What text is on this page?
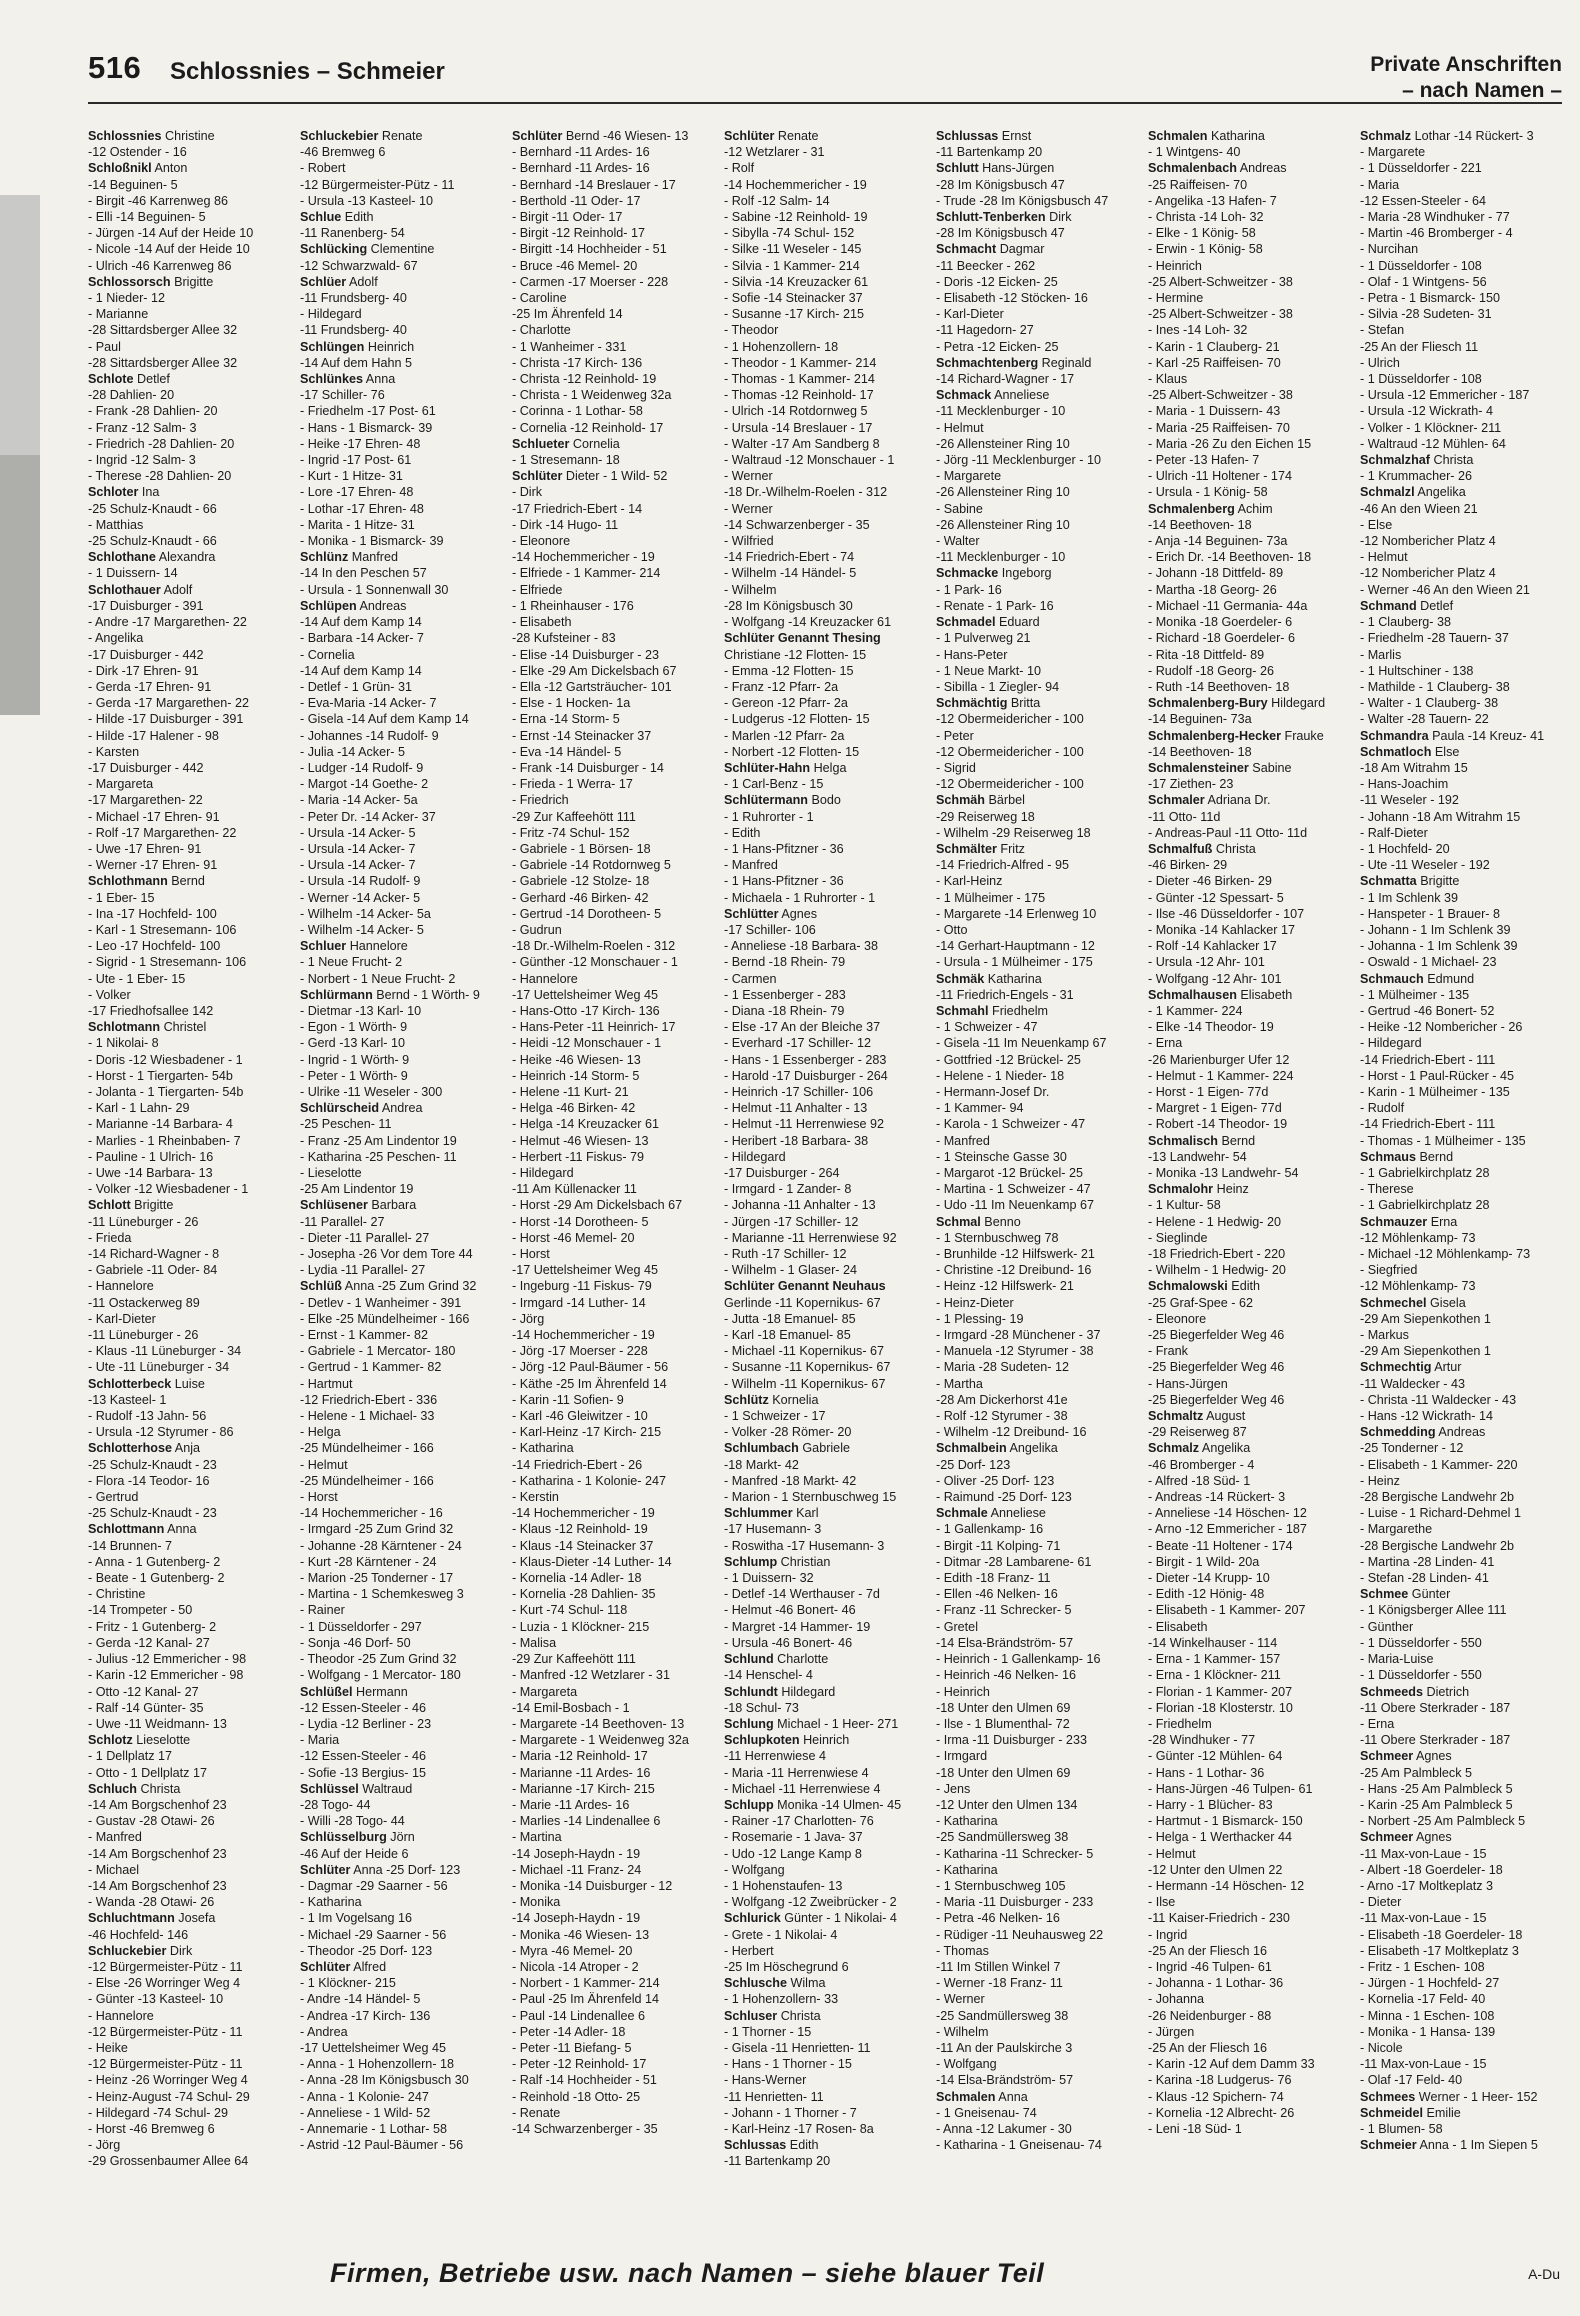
516 Schlossnies – Schmeier	Private Anschriften
– nach Namen –
Schlossnies Christine
-12 Ostender - 16
Schloßnikl Anton
-14 Beguinen- 5
- Birgit -46 Karrenweg 86
- Elli -14 Beguinen- 5
- Jürgen -14 Auf der Heide 10
- Nicole -14 Auf der Heide 10
- Ulrich -46 Karrenweg 86
Schlossorsch Brigitte
- 1 Nieder- 12
- Marianne
-28 Sittardsberger Allee 32
- Paul
-28 Sittardsberger Allee 32
Schlote Detlef
-28 Dahlien- 20
- Frank -28 Dahlien- 20
- Franz -12 Salm- 3
- Friedrich -28 Dahlien- 20
- Ingrid -12 Salm- 3
- Therese -28 Dahlien- 20
Schloter Ina
-25 Schulz-Knaudt - 66
- Matthias
-25 Schulz-Knaudt - 66
Schlothane Alexandra
- 1 Duissern- 14
Schlothauer Adolf
-17 Duisburger - 391
- Andre -17 Margarethen- 22
- Angelika
-17 Duisburger - 442
- Dirk -17 Ehren- 91
- Gerda -17 Ehren- 91
- Gerda -17 Margarethen- 22
- Hilde -17 Duisburger - 391
- Hilde -17 Halener - 98
- Karsten
-17 Duisburger - 442
- Margareta
-17 Margarethen- 22
- Michael -17 Ehren- 91
- Rolf -17 Margarethen- 22
- Uwe -17 Ehren- 91
- Werner -17 Ehren- 91
Schlothmann Bernd
- 1 Eber- 15
- Ina -17 Hochfeld- 100
- Karl - 1 Stresemann- 106
- Leo -17 Hochfeld- 100
- Sigrid - 1 Stresemann- 106
- Ute - 1 Eber- 15
- Volker
-17 Friedhofsallee 142
Schlotmann Christel
- 1 Nikolai- 8
- Doris -12 Wiesbadener - 1
- Horst - 1 Tiergarten- 54b
- Jolanta - 1 Tiergarten- 54b
- Karl - 1 Lahn- 29
- Marianne -14 Barbara- 4
- Marlies - 1 Rheinbaben- 7
- Pauline - 1 Ulrich- 16
- Uwe -14 Barbara- 13
- Volker -12 Wiesbadener - 1
Schlott Brigitte
-11 Lüneburger - 26
- Frieda
-14 Richard-Wagner - 8
- Gabriele -11 Oder- 84
- Hannelore
-11 Ostackerweg 89
- Karl-Dieter
-11 Lüneburger - 26
- Klaus -11 Lüneburger - 34
- Ute -11 Lüneburger - 34
Schlotterbeck Luise
-13 Kasteel- 1
- Rudolf -13 Jahn- 56
- Ursula -12 Styrumer - 86
Schlotterhose Anja
-25 Schulz-Knaudt - 23
- Flora -14 Teodor- 16
- Gertrud
-25 Schulz-Knaudt - 23
Schlottmann Anna
-14 Brunnen- 7
- Anna - 1 Gutenberg- 2
- Beate - 1 Gutenberg- 2
- Christine
-14 Trompeter - 50
- Fritz - 1 Gutenberg- 2
- Gerda -12 Kanal- 27
- Julius -12 Emmericher - 98
- Karin -12 Emmericher - 98
- Otto -12 Kanal- 27
- Ralf -14 Günter- 35
- Uwe -11 Weidmann- 13
Schlotz Lieselotte
- 1 Dellplatz 17
- Otto - 1 Dellplatz 17
Schluch Christa
-14 Am Borgschenhof 23
- Gustav -28 Otawi- 26
- Manfred
-14 Am Borgschenhof 23
- Michael
-14 Am Borgschenhof 23
- Wanda -28 Otawi- 26
Schluchtmann Josefa
-46 Hochfeld- 146
Schluckebier Dirk
-12 Bürgermeister-Pütz - 11
- Else -26 Worringer Weg 4
- Günter -13 Kasteel- 10
- Hannelore
-12 Bürgermeister-Pütz - 11
- Heike
-12 Bürgermeister-Pütz - 11
- Heinz -26 Worringer Weg 4
- Heinz-August -74 Schul- 29
- Hildegard -74 Schul- 29
- Horst -46 Bremweg 6
- Jörg
-29 Grossenbaumer Allee 64
Schluckebier Renate
-46 Bremweg 6
- Robert
-12 Bürgermeister-Pütz - 11
- Ursula -13 Kasteel- 10
Schlue Edith
-11 Ranenberg- 54
Schlücking Clementine
-12 Schwarzwald- 67
Schlüer Adolf
-11 Frundsberg- 40
- Hildegard
-11 Frundsberg- 40
Schlüngen Heinrich
-14 Auf dem Hahn 5
Schlünkes Anna
-17 Schiller- 76
- Friedhelm -17 Post- 61
- Hans - 1 Bismarck- 39
- Heike -17 Ehren- 48
- Ingrid -17 Post- 61
- Kurt - 1 Hitze- 31
- Lore -17 Ehren- 48
- Lothar -17 Ehren- 48
- Marita - 1 Hitze- 31
- Monika - 1 Bismarck- 39
Schlünz Manfred
-14 In den Peschen 57
- Ursula - 1 Sonnenwall 30
Schlüpen Andreas
-14 Auf dem Kamp 14
- Barbara -14 Acker- 7
- Cornelia
-14 Auf dem Kamp 14
- Detlef - 1 Grün- 31
- Eva-Maria -14 Acker- 7
- Gisela -14 Auf dem Kamp 14
- Johannes -14 Rudolf- 9
- Julia -14 Acker- 5
- Ludger -14 Rudolf- 9
- Margot -14 Goethe- 2
- Maria -14 Acker- 5a
- Peter Dr. -14 Acker- 37
- Ursula -14 Acker- 5
- Ursula -14 Acker- 7
- Ursula -14 Acker- 7
- Ursula -14 Rudolf- 9
- Werner -14 Acker- 5
- Wilhelm -14 Acker- 5a
- Wilhelm -14 Acker- 5
Schluer Hannelore
- 1 Neue Frucht- 2
- Norbert - 1 Neue Frucht- 2
Schlürmann Bernd - 1 Wörth- 9
- Dietmar -13 Karl- 10
- Egon - 1 Wörth- 9
- Gerd -13 Karl- 10
- Ingrid - 1 Wörth- 9
- Peter - 1 Wörth- 9
- Ulrike -11 Weseler - 300
Schlürscheid Andrea
-25 Peschen- 11
- Franz -25 Am Lindentor 19
- Katharina -25 Peschen- 11
- Lieselotte
-25 Am Lindentor 19
Schlüsener Barbara
-11 Parallel- 27
- Dieter -11 Parallel- 27
- Josepha -26 Vor dem Tore 44
- Lydia -11 Parallel- 27
Schlüß Anna -25 Zum Grind 32
- Detlev - 1 Wanheimer - 391
- Elke -25 Mündelheimer - 166
- Ernst - 1 Kammer- 82
- Gabriele - 1 Mercator- 180
- Gertrud - 1 Kammer- 82
- Hartmut
-12 Friedrich-Ebert - 336
- Helene - 1 Michael- 33
- Helga
-25 Mündelheimer - 166
- Helmut
-25 Mündelheimer - 166
- Horst
-14 Hochemmericher - 16
- Irmgard -25 Zum Grind 32
- Johanne -28 Kärntener - 24
- Kurt -28 Kärntener - 24
- Marion -25 Tonderner - 17
- Martina - 1 Schemkesweg 3
- Rainer
- 1 Düsseldorfer - 297
- Sonja -46 Dorf- 50
- Theodor -25 Zum Grind 32
- Wolfgang - 1 Mercator- 180
Schlüßel Hermann
-12 Essen-Steeler - 46
- Lydia -12 Berliner - 23
- Maria
-12 Essen-Steeler - 46
- Sofie -13 Bergius- 15
Schlüssel Waltraud
-28 Togo- 44
- Willi -28 Togo- 44
Schlüsselburg Jörn
-46 Auf der Heide 6
Schlüter Anna -25 Dorf- 123
- Dagmar -29 Saarner - 56
- Katharina
- 1 Im Vogelsang 16
- Michael -29 Saarner - 56
- Theodor -25 Dorf- 123
Schlüter Alfred
- 1 Klöckner- 215
- Andre -14 Händel- 5
- Andrea -17 Kirch- 136
- Andrea
-17 Uettelsheimer Weg 45
- Anna - 1 Hohenzollern- 18
- Anna -28 Im Königsbusch 30
- Anna - 1 Kolonie- 247
- Anneliese - 1 Wild- 52
- Annemarie - 1 Lothar- 58
- Astrid -12 Paul-Bäumer - 56
Schlüter Bernd -46 Wiesen- 13
- Bernhard -11 Ardes- 16
- Bernhard -11 Ardes- 16
- Bernhard -14 Breslauer - 17
- Berthold -11 Oder- 17
- Birgit -11 Oder- 17
- Birgit -12 Reinhold- 17
- Birgitt -14 Hochheider - 51
- Bruce -46 Memel- 20
- Carmen -17 Moerser - 228
- Caroline
-25 Im Ährenfeld 14
- Charlotte
- 1 Wanheimer - 331
- Christa -17 Kirch- 136
- Christa -12 Reinhold- 19
- Christa - 1 Weidenweg 32a
- Corinna - 1 Lothar- 58
- Cornelia -12 Reinhold- 17
Schlueter Cornelia
- 1 Stresemann- 18
Schlüter Dieter - 1 Wild- 52
- Dirk
-17 Friedrich-Ebert - 14
- Dirk -14 Hugo- 11
- Eleonore
-14 Hochemmericher - 19
- Elfriede - 1 Kammer- 214
- Elfriede
- 1 Rheinhauser - 176
- Elisabeth
-28 Kufsteiner - 83
- Elise -14 Duisburger - 23
- Elke -29 Am Dickelsbach 67
- Ella -12 Gartsträucher- 101
- Else - 1 Hocken- 1a
- Erna -14 Storm- 5
- Ernst -14 Steinacker 37
- Eva -14 Händel- 5
- Frank -14 Duisburger - 14
- Frieda - 1 Werra- 17
- Friedrich
-29 Zur Kaffeehött 111
- Fritz -74 Schul- 152
- Gabriele - 1 Börsen- 18
- Gabriele -14 Rotdornweg 5
- Gabriele -12 Stolze- 18
- Gerhard -46 Birken- 42
- Gertrud -14 Dorotheen- 5
- Gudrun
-18 Dr.-Wilhelm-Roelen - 312
- Günther -12 Monschauer - 1
- Hannelore
-17 Uettelsheimer Weg 45
- Hans-Otto -17 Kirch- 136
- Hans-Peter -11 Heinrich- 17
- Heidi -12 Monschauer - 1
- Heike -46 Wiesen- 13
- Heinrich -14 Storm- 5
- Helene -11 Kurt- 21
- Helga -46 Birken- 42
- Helga -14 Kreuzacker 61
- Helmut -46 Wiesen- 13
- Herbert -11 Fiskus- 79
- Hildegard
-11 Am Küllenacker 11
- Horst -29 Am Dickelsbach 67
- Horst -14 Dorotheen- 5
- Horst -46 Memel- 20
- Horst
-17 Uettelsheimer Weg 45
- Ingeburg -11 Fiskus- 79
- Irmgard -14 Luther- 14
- Jörg
-14 Hochemmericher - 19
- Jörg -17 Moerser - 228
- Jörg -12 Paul-Bäumer - 56
- Käthe -25 Im Ährenfeld 14
- Karin -11 Sofien- 9
- Karl -46 Gleiwitzer - 10
- Karl-Heinz -17 Kirch- 215
- Katharina
-14 Friedrich-Ebert - 26
- Katharina - 1 Kolonie- 247
- Kerstin
-14 Hochemmericher - 19
- Klaus -12 Reinhold- 19
- Klaus -14 Steinacker 37
- Klaus-Dieter -14 Luther- 14
- Kornelia -14 Adler- 18
- Kornelia -28 Dahlien- 35
- Kurt -74 Schul- 118
- Luzia - 1 Klöckner- 215
- Malisa
-29 Zur Kaffeehött 111
- Manfred -12 Wetzlarer - 31
- Margareta
-14 Emil-Bosbach - 1
- Margarete -14 Beethoven- 13
- Margarete - 1 Weidenweg 32a
- Maria -12 Reinhold- 17
- Marianne -11 Ardes- 16
- Marianne -17 Kirch- 215
- Marie -11 Ardes- 16
- Marlies -14 Lindenallee 6
- Martina
-14 Joseph-Haydn - 19
- Michael -11 Franz- 24
- Monika -14 Duisburger - 12
- Monika
-14 Joseph-Haydn - 19
- Monika -46 Wiesen- 13
- Myra -46 Memel- 20
- Nicola -14 Atroper - 2
- Norbert - 1 Kammer- 214
- Paul -25 Im Ährenfeld 14
- Paul -14 Lindenallee 6
- Peter -14 Adler- 18
- Peter -11 Biefang- 5
- Peter -12 Reinhold- 17
- Ralf -14 Hochheider - 51
- Reinhold -18 Otto- 25
- Renate
-14 Schwarzenberger - 35
Schlüter Renate
-12 Wetzlarer - 31
- Rolf
-14 Hochemmericher - 19
- Rolf -12 Salm- 14
- Sabine -12 Reinhold- 19
- Sibylla -74 Schul- 152
- Silke -11 Weseler - 145
- Silvia - 1 Kammer- 214
- Silvia -14 Kreuzacker 61
- Sofie -14 Steinacker 37
- Susanne -17 Kirch- 215
- Theodor
- 1 Hohenzollern- 18
- Theodor - 1 Kammer- 214
- Thomas - 1 Kammer- 214
- Thomas -12 Reinhold- 17
- Ulrich -14 Rotdornweg 5
- Ursula -14 Breslauer - 17
- Walter -17 Am Sandberg 8
- Waltraud -12 Monschauer - 1
- Werner
-18 Dr.-Wilhelm-Roelen - 312
- Werner
-14 Schwarzenberger - 35
- Wilfried
-14 Friedrich-Ebert - 74
- Wilhelm -14 Händel- 5
- Wilhelm
-28 Im Königsbusch 30
- Wolfgang -14 Kreuzacker 61
Schlüter Genannt Thesing
Christiane -12 Flotten- 15
- Emma -12 Flotten- 15
- Franz -12 Pfarr- 2a
- Gereon -12 Pfarr- 2a
- Ludgerus -12 Flotten- 15
- Marlen -12 Pfarr- 2a
- Norbert -12 Flotten- 15
Schlüter-Hahn Helga
- 1 Carl-Benz - 15
Schlütermann Bodo
- 1 Ruhrorter - 1
- Edith
- 1 Hans-Pfitzner - 36
- Manfred
- 1 Hans-Pfitzner - 36
- Michaela - 1 Ruhrorter - 1
Schlütter Agnes
-17 Schiller- 106
- Anneliese -18 Barbara- 38
- Bernd -18 Rhein- 79
- Carmen
- 1 Essenberger - 283
- Diana -18 Rhein- 79
- Else -17 An der Bleiche 37
- Everhard -17 Schiller- 12
- Hans - 1 Essenberger - 283
- Harold -17 Duisburger - 264
- Heinrich -17 Schiller- 106
- Helmut -11 Anhalter - 13
- Helmut -11 Herrenwiese 92
- Heribert -18 Barbara- 38
- Hildegard
-17 Duisburger - 264
- Irmgard - 1 Zander- 8
- Johanna -11 Anhalter - 13
- Jürgen -17 Schiller- 12
- Marianne -11 Herrenwiese 92
- Ruth -17 Schiller- 12
- Wilhelm - 1 Glaser- 24
Schlüter Genannt Neuhaus
Gerlinde -11 Kopernikus- 67
- Jutta -18 Emanuel- 85
- Karl -18 Emanuel- 85
- Michael -11 Kopernikus- 67
- Susanne -11 Kopernikus- 67
- Wilhelm -11 Kopernikus- 67
Schlütz Kornelia
- 1 Schweizer - 17
- Volker -28 Römer- 20
Schlumbach Gabriele
-18 Markt- 42
- Manfred -18 Markt- 42
- Marion - 1 Sternbuschweg 15
Schlummer Karl
-17 Husemann- 3
- Roswitha -17 Husemann- 3
Schlump Christian
- 1 Duissern- 32
- Detlef -14 Werthauser - 7d
- Helmut -46 Bonert- 46
- Margret -14 Hammer- 19
- Ursula -46 Bonert- 46
Schlund Charlotte
-14 Henschel- 4
Schlundt Hildegard
-18 Schul- 73
Schlung Michael - 1 Heer- 271
Schlupkoten Heinrich
-11 Herrenwiese 4
- Maria -11 Herrenwiese 4
- Michael -11 Herrenwiese 4
Schlupp Monika -14 Ulmen- 45
- Rainer -17 Charlotten- 76
- Rosemarie - 1 Java- 37
- Udo -12 Lange Kamp 8
- Wolfgang
- 1 Hohenstaufen- 13
- Wolfgang -12 Zweibrücker - 2
Schlurick Günter - 1 Nikolai- 4
- Grete - 1 Nikolai- 4
- Herbert
-25 Im Höschegrund 6
Schlusche Wilma
- 1 Hohenzollern- 33
Schluser Christa
- 1 Thorner - 15
- Gisela -11 Henrietten- 11
- Hans - 1 Thorner - 15
- Hans-Werner
-11 Henrietten- 11
- Johann - 1 Thorner - 7
- Karl-Heinz -17 Rosen- 8a
Schlussas Edith
-11 Bartenkamp 20
Schlussas Ernst
-11 Bartenkamp 20
Schlutt Hans-Jürgen
-28 Im Königsbusch 47
- Trude -28 Im Königsbusch 47
Schlutt-Tenberken Dirk
-28 Im Königsbusch 47
Schmacht Dagmar
-11 Beecker - 262
- Doris -12 Eicken- 25
- Elisabeth -12 Stöcken- 16
- Karl-Dieter
-11 Hagedorn- 27
- Petra -12 Eicken- 25
Schmachtenberg Reginald
-14 Richard-Wagner - 17
Schmack Anneliese
-11 Mecklenburger - 10
- Helmut
-26 Allensteiner Ring 10
- Jörg -11 Mecklenburger - 10
- Margarete
-26 Allensteiner Ring 10
- Sabine
-26 Allensteiner Ring 10
- Walter
-11 Mecklenburger - 10
Schmacke Ingeborg
- 1 Park- 16
- Renate - 1 Park- 16
Schmadel Eduard
- 1 Pulverweg 21
- Hans-Peter
- 1 Neue Markt- 10
- Sibilla - 1 Ziegler- 94
Schmächtig Britta
-12 Obermeidericher - 100
- Peter
-12 Obermeidericher - 100
- Sigrid
-12 Obermeidericher - 100
Schmäh Bärbel
-29 Reiserweg 18
- Wilhelm -29 Reiserweg 18
Schmälter Fritz
-14 Friedrich-Alfred - 95
- Karl-Heinz
- 1 Mülheimer - 175
- Margarete -14 Erlenweg 10
- Otto
-14 Gerhart-Hauptmann - 12
- Ursula - 1 Mülheimer - 175
Schmäk Katharina
-11 Friedrich-Engels - 31
Schmahl Friedhelm
- 1 Schweizer - 47
- Gisela -11 Im Neuenkamp 67
- Gottfried -12 Brückel- 25
- Helene - 1 Nieder- 18
- Hermann-Josef Dr.
- 1 Kammer- 94
- Karola - 1 Schweizer - 47
- Manfred
- 1 Steinsche Gasse 30
- Margarot -12 Brückel- 25
- Martina - 1 Schweizer - 47
- Udo -11 Im Neuenkamp 67
Schmal Benno
- 1 Sternbuschweg 78
- Brunhilde -12 Hilfswerk- 21
- Christine -12 Dreibund- 16
- Heinz -12 Hilfswerk- 21
- Heinz-Dieter
- 1 Plessing- 19
- Irmgard -28 Münchener - 37
- Manuela -12 Styrumer - 38
- Maria -28 Sudeten- 12
- Martha
-28 Am Dickerhorst 41e
- Rolf -12 Styrumer - 38
- Wilhelm -12 Dreibund- 16
Schmalbein Angelika
-25 Dorf- 123
- Oliver -25 Dorf- 123
- Raimund -25 Dorf- 123
Schmale Anneliese
- 1 Gallenkamp- 16
- Birgit -11 Kolping- 71
- Ditmar -28 Lambarene- 61
- Edith -18 Franz- 11
- Ellen -46 Nelken- 16
- Franz -11 Schrecker- 5
- Gretel
-14 Elsa-Brändström- 57
- Heinrich - 1 Gallenkamp- 16
- Heinrich -46 Nelken- 16
- Heinrich
-18 Unter den Ulmen 69
- Ilse - 1 Blumenthal- 72
- Irma -11 Duisburger - 233
- Irmgard
-18 Unter den Ulmen 69
- Jens
-12 Unter den Ulmen 134
- Katharina
-25 Sandmüllersweg 38
- Katharina -11 Schrecker- 5
- Katharina
- 1 Sternbuschweg 105
- Maria -11 Duisburger - 233
- Petra -46 Nelken- 16
- Rüdiger -11 Neuhausweg 22
- Thomas
-11 Im Stillen Winkel 7
- Werner -18 Franz- 11
- Werner
-25 Sandmüllersweg 38
- Wilhelm
-11 An der Paulskirche 3
- Wolfgang
-14 Elsa-Brändström- 57
Schmalen Anna
- 1 Gneisenau- 74
- Anna -12 Lakumer - 30
- Katharina - 1 Gneisenau- 74
Schmalen Katharina
- 1 Wintgens- 40
Schmalenbach Andreas
-25 Raiffeisen- 70
- Angelika -13 Hafen- 7
- Christa -14 Loh- 32
- Elke - 1 König- 58
- Erwin - 1 König- 58
- Heinrich
-25 Albert-Schweitzer - 38
- Hermine
-25 Albert-Schweitzer - 38
- Ines -14 Loh- 32
- Karin - 1 Clauberg- 21
- Karl -25 Raiffeisen- 70
- Klaus
-25 Albert-Schweitzer - 38
- Maria - 1 Duissern- 43
- Maria -25 Raiffeisen- 70
- Maria -26 Zu den Eichen 15
- Peter -13 Hafen- 7
- Ulrich -11 Holtener - 174
- Ursula - 1 König- 58
Schmalenberg Achim
-14 Beethoven- 18
- Anja -14 Beguinen- 73a
- Erich Dr. -14 Beethoven- 18
- Johann -18 Dittfeld- 89
- Martha -18 Georg- 26
- Michael -11 Germania- 44a
- Monika -18 Goerdeler- 6
- Richard -18 Goerdeler- 6
- Rita -18 Dittfeld- 89
- Rudolf -18 Georg- 26
- Ruth -14 Beethoven- 18
Schmalenberg-Bury Hildegard
-14 Beguinen- 73a
Schmalenberg-Hecker Frauke
-14 Beethoven- 18
Schmalensteiner Sabine
-17 Ziethen- 23
Schmaler Adriana Dr.
-11 Otto- 11d
- Andreas-Paul -11 Otto- 11d
Schmalfuß Christa
-46 Birken- 29
- Dieter -46 Birken- 29
- Günter -12 Spessart- 5
- Ilse -46 Düsseldorfer - 107
- Monika -14 Kahlacker 17
- Rolf -14 Kahlacker 17
- Ursula -12 Ahr- 101
- Wolfgang -12 Ahr- 101
Schmalhausen Elisabeth
- 1 Kammer- 224
- Elke -14 Theodor- 19
- Erna
-26 Marienburger Ufer 12
- Helmut - 1 Kammer- 224
- Horst - 1 Eigen- 77d
- Margret - 1 Eigen- 77d
- Robert -14 Theodor- 19
Schmalisch Bernd
-13 Landwehr- 54
- Monika -13 Landwehr- 54
Schmalohr Heinz
- 1 Kultur- 58
- Helene - 1 Hedwig- 20
- Sieglinde
-18 Friedrich-Ebert - 220
- Wilhelm - 1 Hedwig- 20
Schmalowski Edith
-25 Graf-Spee - 62
- Eleonore
-25 Biegerfelder Weg 46
- Frank
-25 Biegerfelder Weg 46
- Hans-Jürgen
-25 Biegerfelder Weg 46
Schmaltz August
-29 Reiserweg 87
Schmalz Angelika
-46 Bromberger - 4
- Alfred -18 Süd- 1
- Andreas -14 Rückert- 3
- Anneliese -14 Höschen- 12
- Arno -12 Emmericher - 187
- Beate -11 Holtener - 174
- Birgit - 1 Wild- 20a
- Dieter -14 Krupp- 10
- Edith -12 Hönig- 48
- Elisabeth - 1 Kammer- 207
- Elisabeth
-14 Winkelhauser - 114
- Erna - 1 Kammer- 157
- Erna - 1 Klöckner- 211
- Florian - 1 Kammer- 207
- Florian -18 Klosterstr. 10
- Friedhelm
-28 Windhuker - 77
- Günter -12 Mühlen- 64
- Hans - 1 Lothar- 36
- Hans-Jürgen -46 Tulpen- 61
- Harry - 1 Blücher- 83
- Hartmut - 1 Bismarck- 150
- Helga - 1 Werthacker 44
- Helmut
-12 Unter den Ulmen 22
- Hermann -14 Höschen- 12
- Ilse
-11 Kaiser-Friedrich - 230
- Ingrid
-25 An der Fliesch 16
- Ingrid -46 Tulpen- 61
- Johanna - 1 Lothar- 36
- Johanna
-26 Neidenburger - 88
- Jürgen
-25 An der Fliesch 16
- Karin -12 Auf dem Damm 33
- Karina -18 Ludgerus- 76
- Klaus -12 Spichern- 74
- Kornelia -12 Albrecht- 26
- Leni -18 Süd- 1
Schmalz Lothar -14 Rückert- 3
- Margarete
- 1 Düsseldorfer - 221
- Maria
-12 Essen-Steeler - 64
- Maria -28 Windhuker - 77
- Martin -46 Bromberger - 4
- Nurcihan
- 1 Düsseldorfer - 108
- Olaf - 1 Wintgens- 56
- Petra - 1 Bismarck- 150
- Silvia -28 Sudeten- 31
- Stefan
-25 An der Fliesch 11
- Ulrich
- 1 Düsseldorfer - 108
- Ursula -12 Emmericher - 187
- Ursula -12 Wickrath- 4
- Volker - 1 Klöckner- 211
- Waltraud -12 Mühlen- 64
Schmalzhaf Christa
- 1 Krummacher- 26
Schmalzl Angelika
-46 An den Wieen 21
- Else
-12 Nombericher Platz 4
- Helmut
-12 Nombericher Platz 4
- Werner -46 An den Wieen 21
Schmand Detlef
- 1 Clauberg- 38
- Friedhelm -28 Tauern- 37
- Marlis
- 1 Hultschiner - 138
- Mathilde - 1 Clauberg- 38
- Walter - 1 Clauberg- 38
- Walter -28 Tauern- 22
Schmandra Paula -14 Kreuz- 41
Schmatloch Else
-18 Am Witrahm 15
- Hans-Joachim
-11 Weseler - 192
- Johann -18 Am Witrahm 15
- Ralf-Dieter
- 1 Hochfeld- 20
- Ute -11 Weseler - 192
Schmatta Brigitte
- 1 Im Schlenk 39
- Hanspeter - 1 Brauer- 8
- Johann - 1 Im Schlenk 39
- Johanna - 1 Im Schlenk 39
- Oswald - 1 Michael- 23
Schmauch Edmund
- 1 Mülheimer - 135
- Gertrud -46 Bonert- 52
- Heike -12 Nombericher - 26
- Hildegard
-14 Friedrich-Ebert - 111
- Horst - 1 Paul-Rücker - 45
- Karin - 1 Mülheimer - 135
- Rudolf
-14 Friedrich-Ebert - 111
- Thomas - 1 Mülheimer - 135
Schmaus Bernd
- 1 Gabrielkirchplatz 28
- Therese
- 1 Gabrielkirchplatz 28
Schmauzer Erna
-12 Möhlenkamp- 73
- Michael -12 Möhlenkamp- 73
- Siegfried
-12 Möhlenkamp- 73
Schmechel Gisela
-29 Am Siepenkothen 1
- Markus
-29 Am Siepenkothen 1
Schmechtig Artur
-11 Waldecker - 43
- Christa -11 Waldecker - 43
- Hans -12 Wickrath- 14
Schmedding Andreas
-25 Tonderner - 12
- Elisabeth - 1 Kammer- 220
- Heinz
-28 Bergische Landwehr 2b
- Luise - 1 Richard-Dehmel 1
- Margarethe
-28 Bergische Landwehr 2b
- Martina -28 Linden- 41
- Stefan -28 Linden- 41
Schmee Günter
- 1 Königsberger Allee 111
- Günther
- 1 Düsseldorfer - 550
- Maria-Luise
- 1 Düsseldorfer - 550
Schmeeds Dietrich
-11 Obere Sterkrader - 187
- Erna
-11 Obere Sterkrader - 187
Schmeer Agnes
-25 Am Palmbleck 5
- Hans -25 Am Palmbleck 5
- Karin -25 Am Palmbleck 5
- Norbert -25 Am Palmbleck 5
Schmeer Agnes
-11 Max-von-Laue - 15
- Albert -18 Goerdeler- 18
- Arno -17 Moltkeplatz 3
- Dieter
-11 Max-von-Laue - 15
- Elisabeth -18 Goerdeler- 18
- Elisabeth -17 Moltkeplatz 3
- Fritz - 1 Eschen- 108
- Jürgen - 1 Hochfeld- 27
- Kornelia -17 Feld- 40
- Minna - 1 Eschen- 108
- Monika - 1 Hansa- 139
- Nicole
-11 Max-von-Laue - 15
- Olaf -17 Feld- 40
Schmees Werner - 1 Heer- 152
Schmeidel Emilie
- 1 Blumen- 58
Schmeier Anna - 1 Im Siepen 5
Firmen, Betriebe usw. nach Namen – siehe blauer Teil	A-Du
